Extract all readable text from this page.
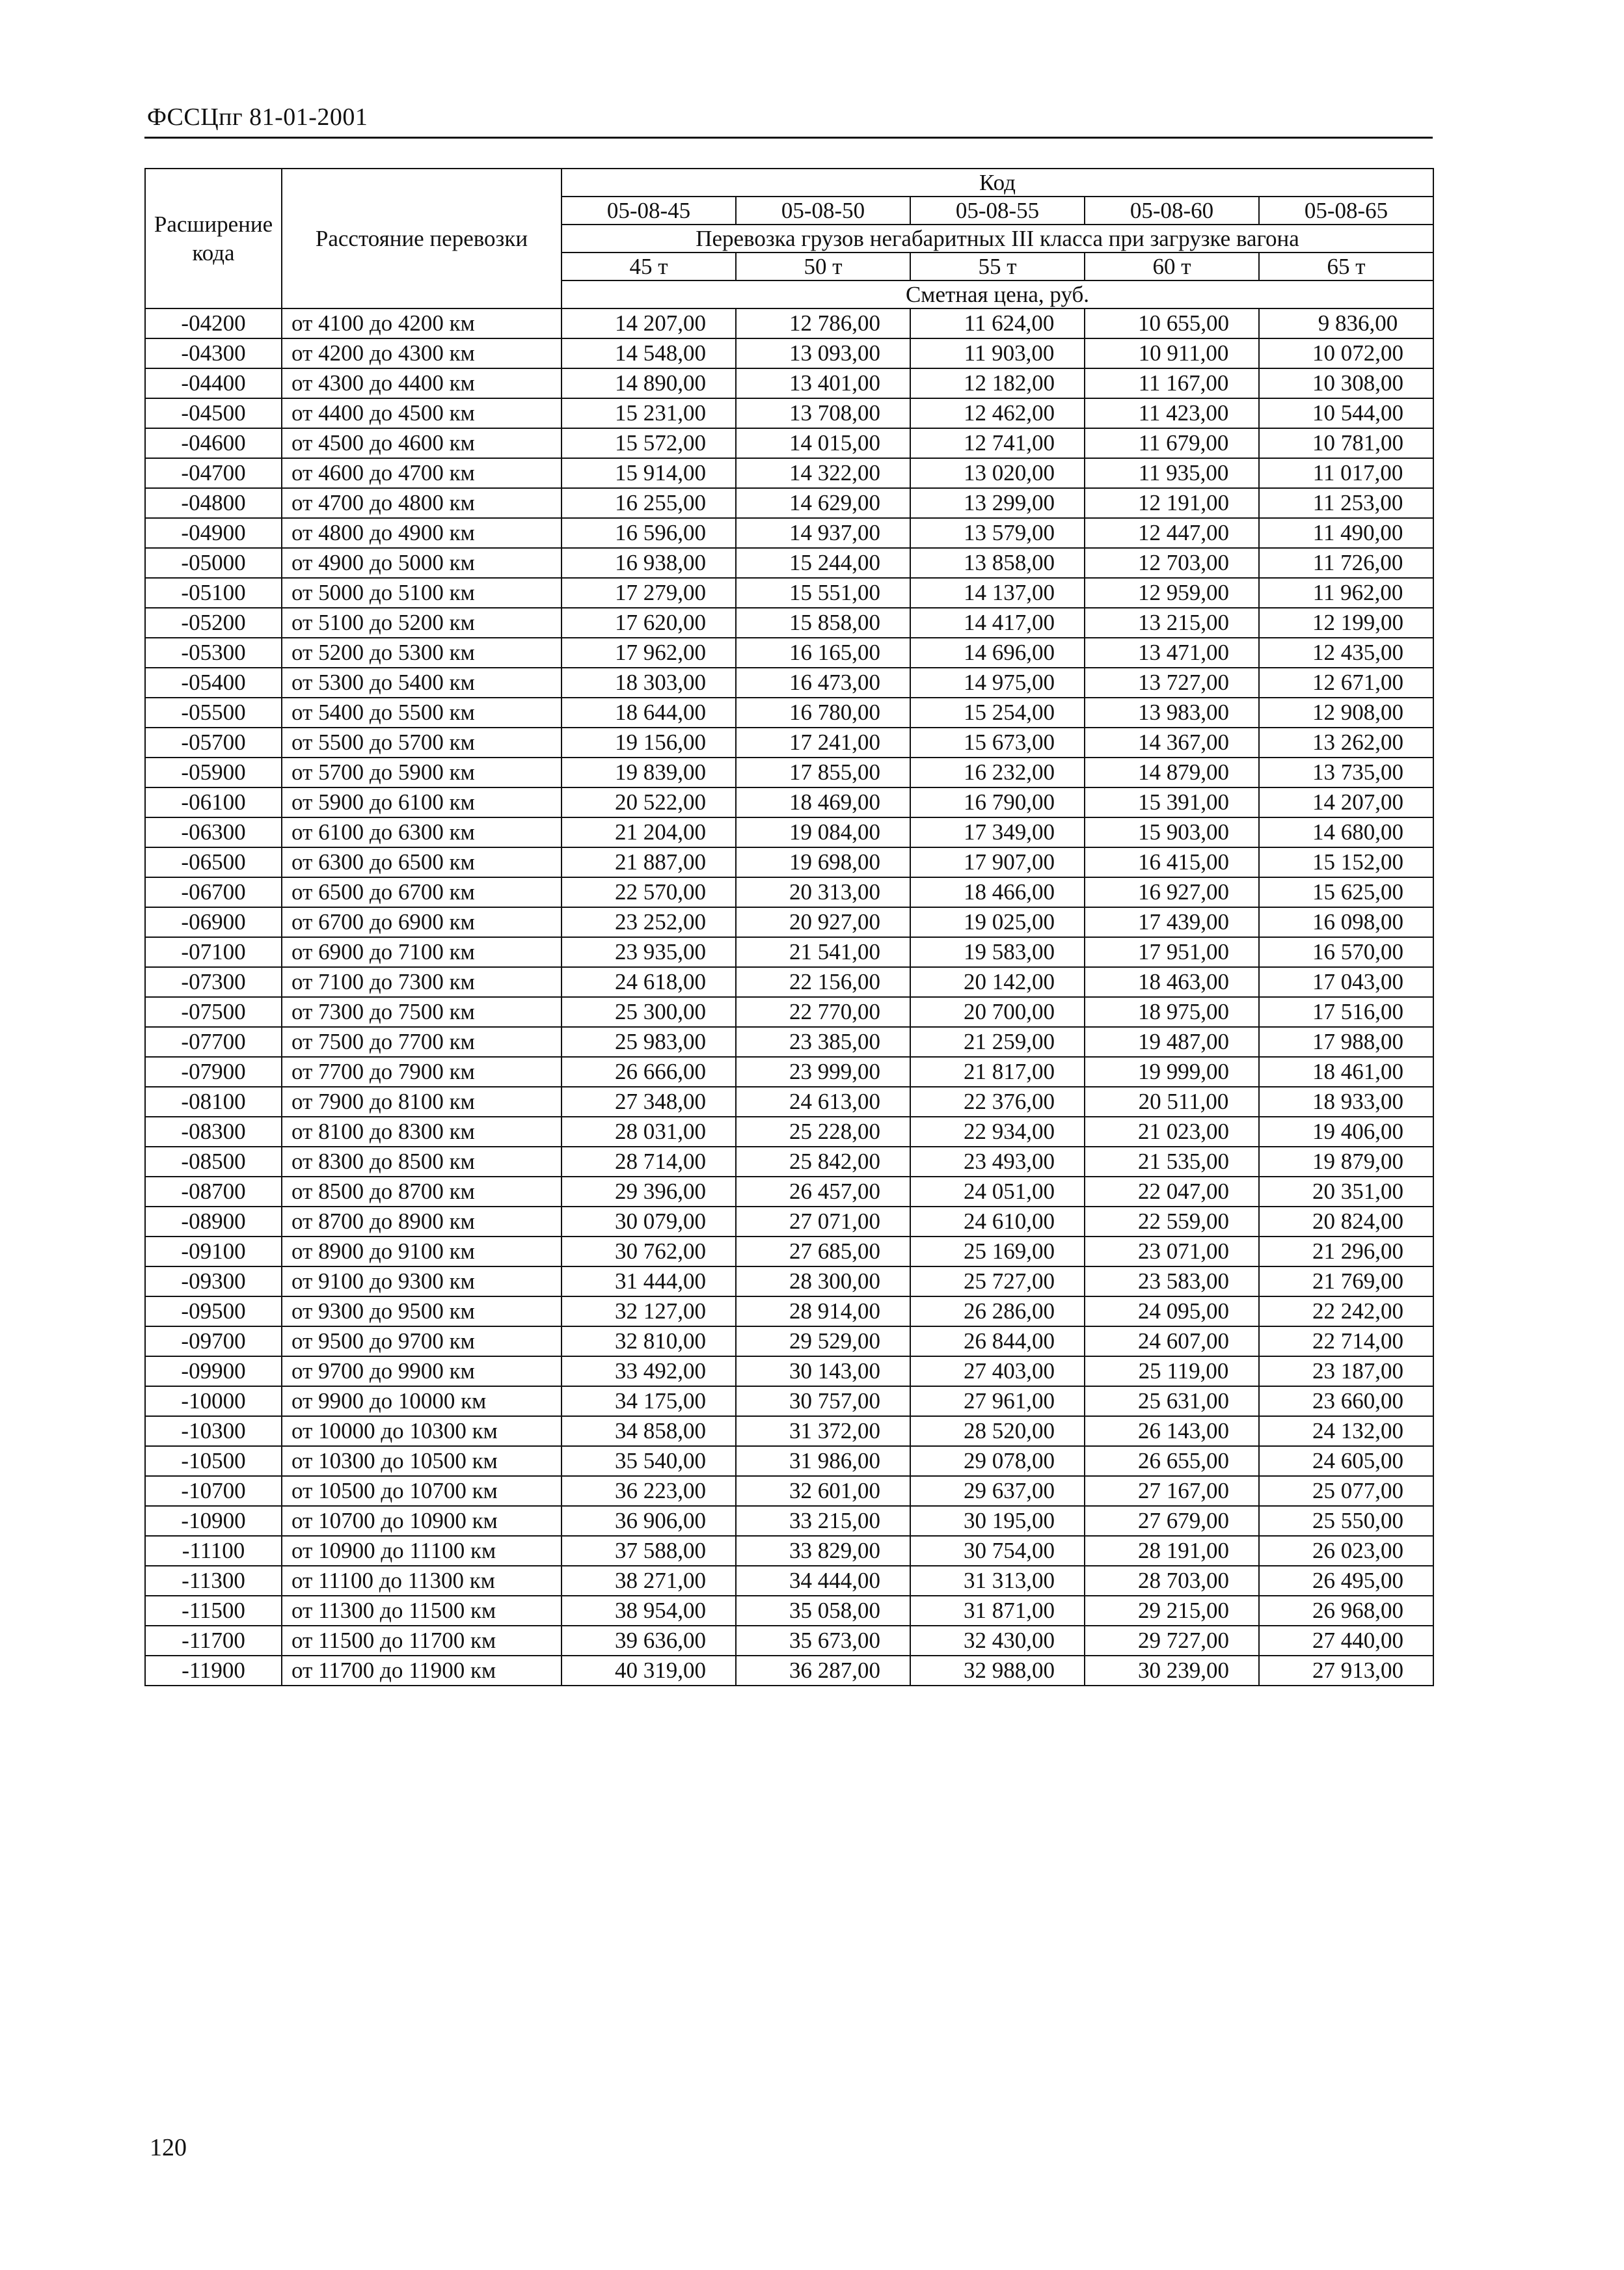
ФССЦпг 81-01-2001
Расширение кода	Расстояние перевозки	Код				
		05-08-45	05-08-50	05-08-55	05-08-60	05-08-65
		Перевозка грузов негабаритных III класса при загрузке вагона				
		45 т	50 т	55 т	60 т	65 т
		Сметная цена, руб.				
-04200	от 4100 до 4200 км	14 207,00	12 786,00	11 624,00	10 655,00	9 836,00
-04300	от 4200 до 4300 км	14 548,00	13 093,00	11 903,00	10 911,00	10 072,00
-04400	от 4300 до 4400 км	14 890,00	13 401,00	12 182,00	11 167,00	10 308,00
-04500	от 4400 до 4500 км	15 231,00	13 708,00	12 462,00	11 423,00	10 544,00
-04600	от 4500 до 4600 км	15 572,00	14 015,00	12 741,00	11 679,00	10 781,00
-04700	от 4600 до 4700 км	15 914,00	14 322,00	13 020,00	11 935,00	11 017,00
-04800	от 4700 до 4800 км	16 255,00	14 629,00	13 299,00	12 191,00	11 253,00
-04900	от 4800 до 4900 км	16 596,00	14 937,00	13 579,00	12 447,00	11 490,00
-05000	от 4900 до 5000 км	16 938,00	15 244,00	13 858,00	12 703,00	11 726,00
-05100	от 5000 до 5100 км	17 279,00	15 551,00	14 137,00	12 959,00	11 962,00
-05200	от 5100 до 5200 км	17 620,00	15 858,00	14 417,00	13 215,00	12 199,00
-05300	от 5200 до 5300 км	17 962,00	16 165,00	14 696,00	13 471,00	12 435,00
-05400	от 5300 до 5400 км	18 303,00	16 473,00	14 975,00	13 727,00	12 671,00
-05500	от 5400 до 5500 км	18 644,00	16 780,00	15 254,00	13 983,00	12 908,00
-05700	от 5500 до 5700 км	19 156,00	17 241,00	15 673,00	14 367,00	13 262,00
-05900	от 5700 до 5900 км	19 839,00	17 855,00	16 232,00	14 879,00	13 735,00
-06100	от 5900 до 6100 км	20 522,00	18 469,00	16 790,00	15 391,00	14 207,00
-06300	от 6100 до 6300 км	21 204,00	19 084,00	17 349,00	15 903,00	14 680,00
-06500	от 6300 до 6500 км	21 887,00	19 698,00	17 907,00	16 415,00	15 152,00
-06700	от 6500 до 6700 км	22 570,00	20 313,00	18 466,00	16 927,00	15 625,00
-06900	от 6700 до 6900 км	23 252,00	20 927,00	19 025,00	17 439,00	16 098,00
-07100	от 6900 до 7100 км	23 935,00	21 541,00	19 583,00	17 951,00	16 570,00
-07300	от 7100 до 7300 км	24 618,00	22 156,00	20 142,00	18 463,00	17 043,00
-07500	от 7300 до 7500 км	25 300,00	22 770,00	20 700,00	18 975,00	17 516,00
-07700	от 7500 до 7700 км	25 983,00	23 385,00	21 259,00	19 487,00	17 988,00
-07900	от 7700 до 7900 км	26 666,00	23 999,00	21 817,00	19 999,00	18 461,00
-08100	от 7900 до 8100 км	27 348,00	24 613,00	22 376,00	20 511,00	18 933,00
-08300	от 8100 до 8300 км	28 031,00	25 228,00	22 934,00	21 023,00	19 406,00
-08500	от 8300 до 8500 км	28 714,00	25 842,00	23 493,00	21 535,00	19 879,00
-08700	от 8500 до 8700 км	29 396,00	26 457,00	24 051,00	22 047,00	20 351,00
-08900	от 8700 до 8900 км	30 079,00	27 071,00	24 610,00	22 559,00	20 824,00
-09100	от 8900 до 9100 км	30 762,00	27 685,00	25 169,00	23 071,00	21 296,00
-09300	от 9100 до 9300 км	31 444,00	28 300,00	25 727,00	23 583,00	21 769,00
-09500	от 9300 до 9500 км	32 127,00	28 914,00	26 286,00	24 095,00	22 242,00
-09700	от 9500 до 9700 км	32 810,00	29 529,00	26 844,00	24 607,00	22 714,00
-09900	от 9700 до 9900 км	33 492,00	30 143,00	27 403,00	25 119,00	23 187,00
-10000	от 9900 до 10000 км	34 175,00	30 757,00	27 961,00	25 631,00	23 660,00
-10300	от 10000 до 10300 км	34 858,00	31 372,00	28 520,00	26 143,00	24 132,00
-10500	от 10300 до 10500 км	35 540,00	31 986,00	29 078,00	26 655,00	24 605,00
-10700	от 10500 до 10700 км	36 223,00	32 601,00	29 637,00	27 167,00	25 077,00
-10900	от 10700 до 10900 км	36 906,00	33 215,00	30 195,00	27 679,00	25 550,00
-11100	от 10900 до 11100 км	37 588,00	33 829,00	30 754,00	28 191,00	26 023,00
-11300	от 11100 до 11300 км	38 271,00	34 444,00	31 313,00	28 703,00	26 495,00
-11500	от 11300 до 11500 км	38 954,00	35 058,00	31 871,00	29 215,00	26 968,00
-11700	от 11500 до 11700 км	39 636,00	35 673,00	32 430,00	29 727,00	27 440,00
-11900	от 11700 до 11900 км	40 319,00	36 287,00	32 988,00	30 239,00	27 913,00
120
